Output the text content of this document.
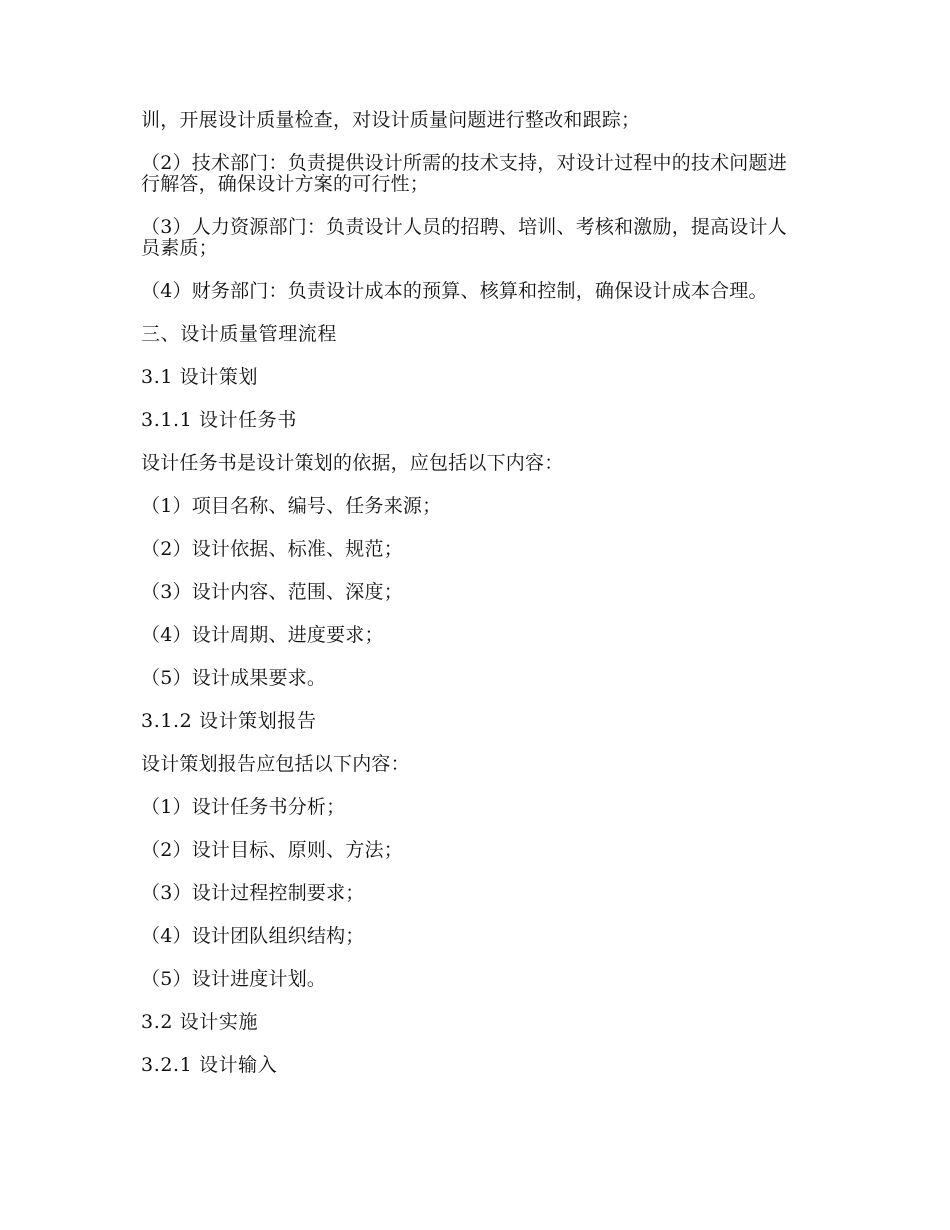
训，开展设计质量检查，对设计质量问题进行整改和跟踪；

（2）技术部门：负责提供设计所需的技术支持，对设计过程中的技术问题进行解答，确保设计方案的可行性；

（3）人力资源部门：负责设计人员的招聘、培训、考核和激励，提高设计人员素质；

（4）财务部门：负责设计成本的预算、核算和控制，确保设计成本合理。

三、设计质量管理流程

3.1 设计策划

3.1.1 设计任务书

设计任务书是设计策划的依据，应包括以下内容：

（1）项目名称、编号、任务来源；

（2）设计依据、标准、规范；

（3）设计内容、范围、深度；

（4）设计周期、进度要求；

（5）设计成果要求。

3.1.2 设计策划报告

设计策划报告应包括以下内容：

（1）设计任务书分析；

（2）设计目标、原则、方法；

（3）设计过程控制要求；

（4）设计团队组织结构；

（5）设计进度计划。

3.2 设计实施

3.2.1 设计输入
